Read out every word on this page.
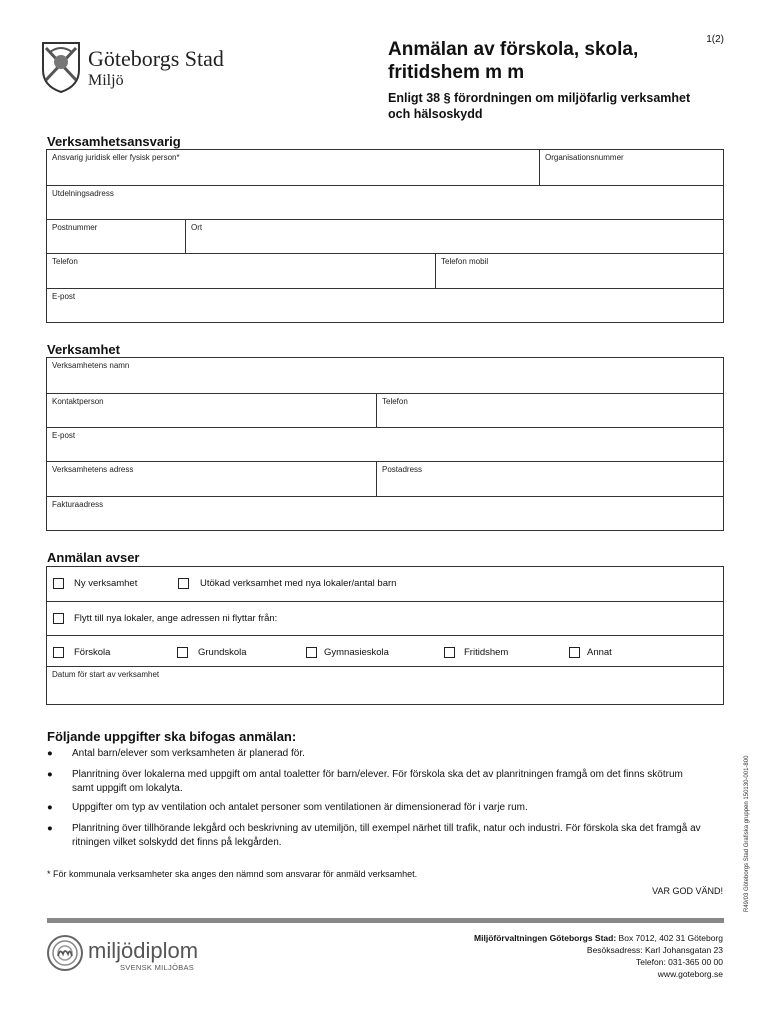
Göteborgs Stad
Miljö
1(2)
Anmälan av förskola, skola,
fritidshem m m
Enligt 38 § förordningen om miljöfarlig verksamhet
och hälsoskydd
Verksamhetsansvarig
Ansvarig juridisk eller fysisk person*	Organisationsnummer
Utdelningsadress
Postnummer	Ort
Telefon	Telefon mobil
E-post
Verksamhet
Verksamhetens namn
Kontaktperson	Telefon
E-post
Verksamhetens adress	Postadress
Fakturaadress
Anmälan avser
Ny verksamhet	Utökad verksamhet med nya lokaler/antal barn
Flytt till nya lokaler, ange adressen ni flyttar från:
Förskola	Grundskola	Gymnasieskola	Fritidshem	Annat
Datum för start av verksamhet
Följande uppgifter ska bifogas anmälan:
● Antal barn/elever som verksamheten är planerad för.
● Planritning över lokalerna med uppgift om antal toaletter för barn/elever. För förskola ska det av planritningen framgå om det finns skötrum samt uppgift om lokalyta.
● Uppgifter om typ av ventilation och antalet personer som ventilationen är dimensionerad för i varje rum.
● Planritning över tillhörande lekgård och beskrivning av utemiljön, till exempel närhet till trafik, natur och industri. För förskola ska det framgå av ritningen vilket solskydd det finns på lekgården.
* För kommunala verksamheter ska anges den nämnd som ansvarar för anmäld verksamhet.
VAR GOD VÄND!	R49/03 Göteborgs Stad Grafiska gruppen 150130-001-800
miljödiplom
SVENSK MILJÖBAS
Miljöförvaltningen Göteborgs Stad: Box 7012, 402 31 Göteborg
Besöksadress: Karl Johansgatan 23
Telefon: 031-365 00 00
www.goteborg.se
